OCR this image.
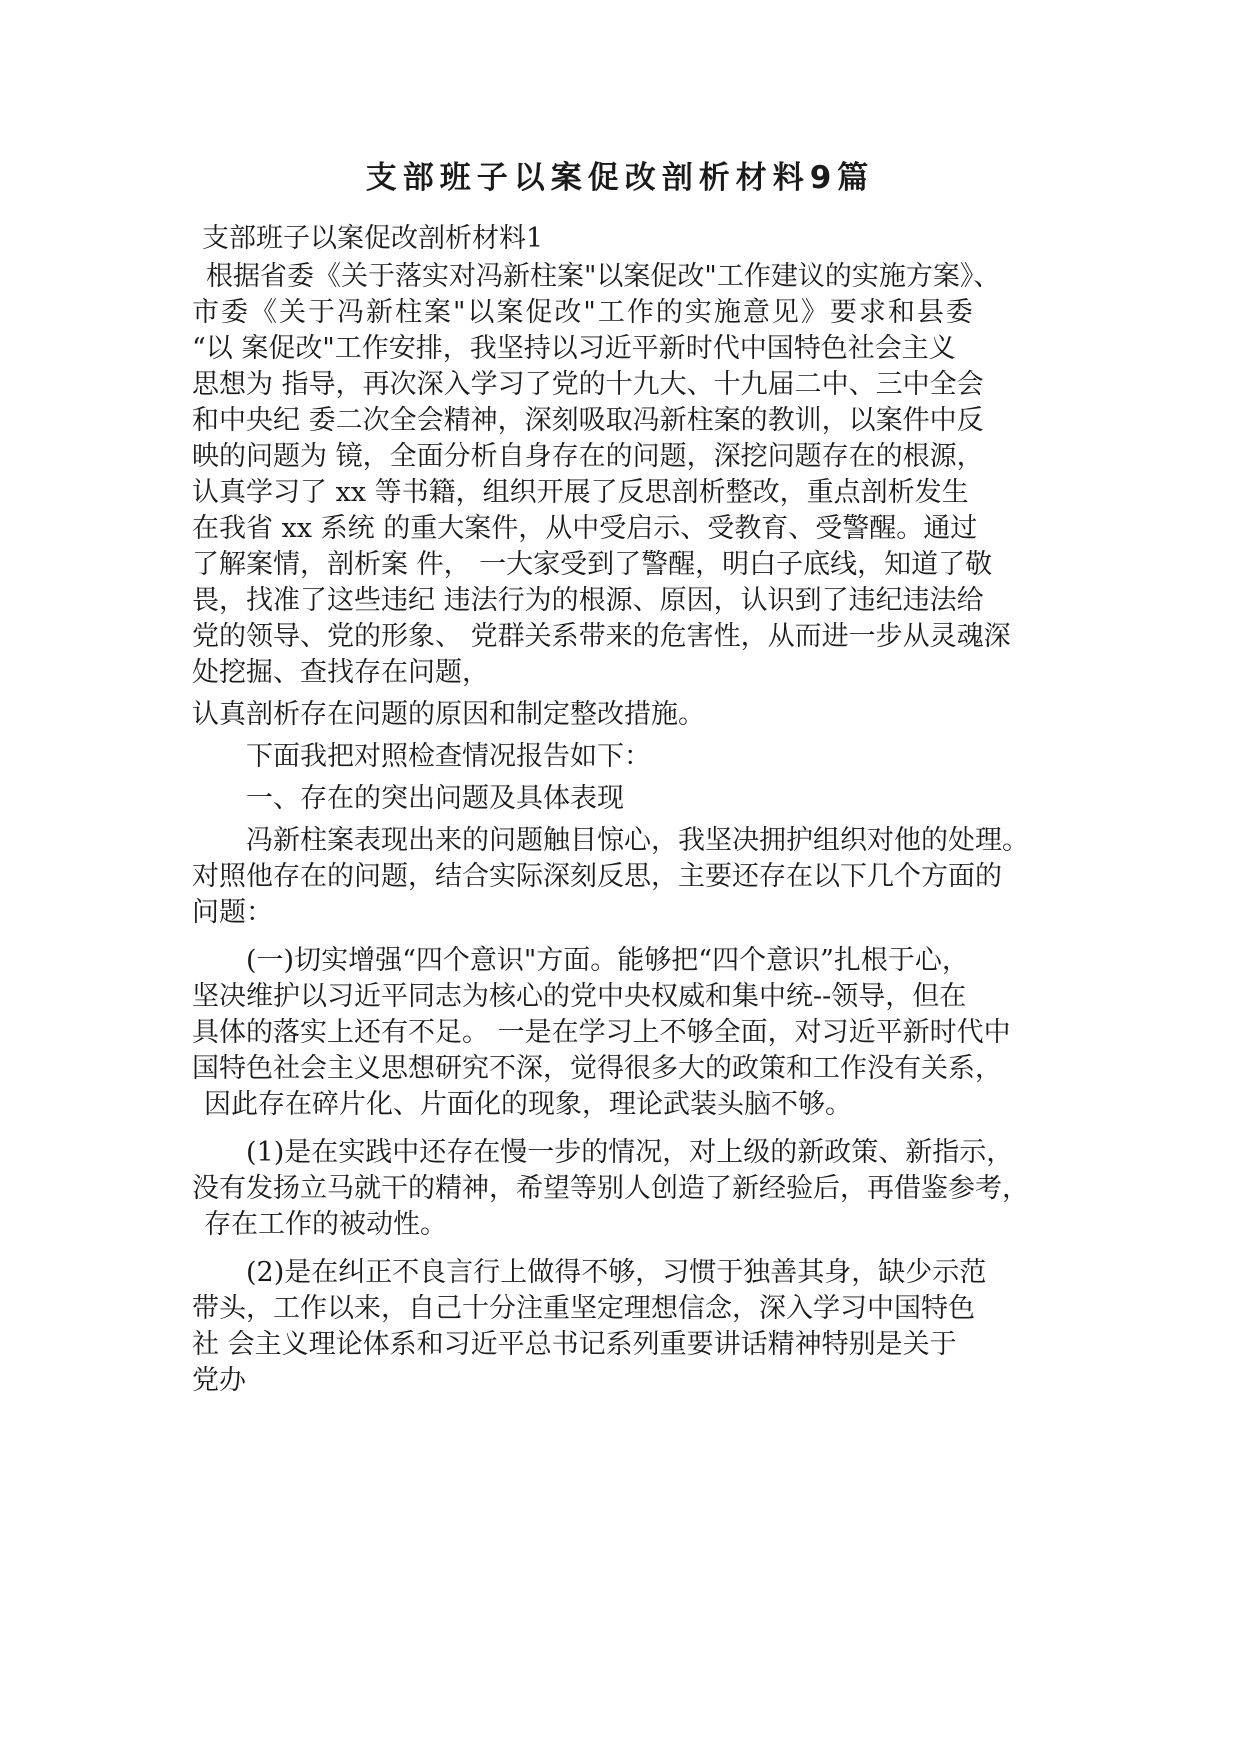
支部班子以案促改剖析材料9篇
支部班子以案促改剖析材料1
根据省委《关于落实对冯新柱案"以案促改"工作建议的实施方案》、
市委《关于冯新柱案"以案促改"工作的实施意见》要求和县委
“以 案促改"工作安排，我坚持以习近平新时代中国特色社会主义
思想为 指导，再次深入学习了党的十九大、十九届二中、三中全会
和中央纪 委二次全会精神，深刻吸取冯新柱案的教训，以案件中反
映的问题为 镜，全面分析自身存在的问题，深挖问题存在的根源，
认真学习了 xx 等书籍，组织开展了反思剖析整改，重点剖析发生
在我省 xx 系统 的重大案件，从中受启示、受教育、受警醒。通过
了解案情，剖析案 件， 一大家受到了警醒，明白子底线，知道了敬
畏，找准了这些违纪 违法行为的根源、原因，认识到了违纪违法给
党的领导、党的形象、 党群关系带来的危害性，从而进一步从灵魂深
处挖掘、查找存在问题，
认真剖析存在问题的原因和制定整改措施。
下面我把对照检查情况报告如下：
一、存在的突出问题及具体表现
冯新柱案表现出来的问题触目惊心，我坚决拥护组织对他的处理。
对照他存在的问题，结合实际深刻反思，主要还存在以下几个方面的
问题：
(一)切实增强“四个意识"方面。能够把“四个意识”扎根于心，
坚决维护以习近平同志为核心的党中央权威和集中统--领导，但在
具体的落实上还有不足。 一是在学习上不够全面，对习近平新时代中
国特色社会主义思想研究不深，觉得很多大的政策和工作没有关系，
因此存在碎片化、片面化的现象，理论武装头脑不够。
(1)是在实践中还存在慢一步的情况，对上级的新政策、新指示，
没有发扬立马就干的精神，希望等别人创造了新经验后，再借鉴参考，
存在工作的被动性。
(2)是在纠正不良言行上做得不够，习惯于独善其身，缺少示范
带头，工作以来，自己十分注重坚定理想信念，深入学习中国特色
社 会主义理论体系和习近平总书记系列重要讲话精神特别是关于
党办
